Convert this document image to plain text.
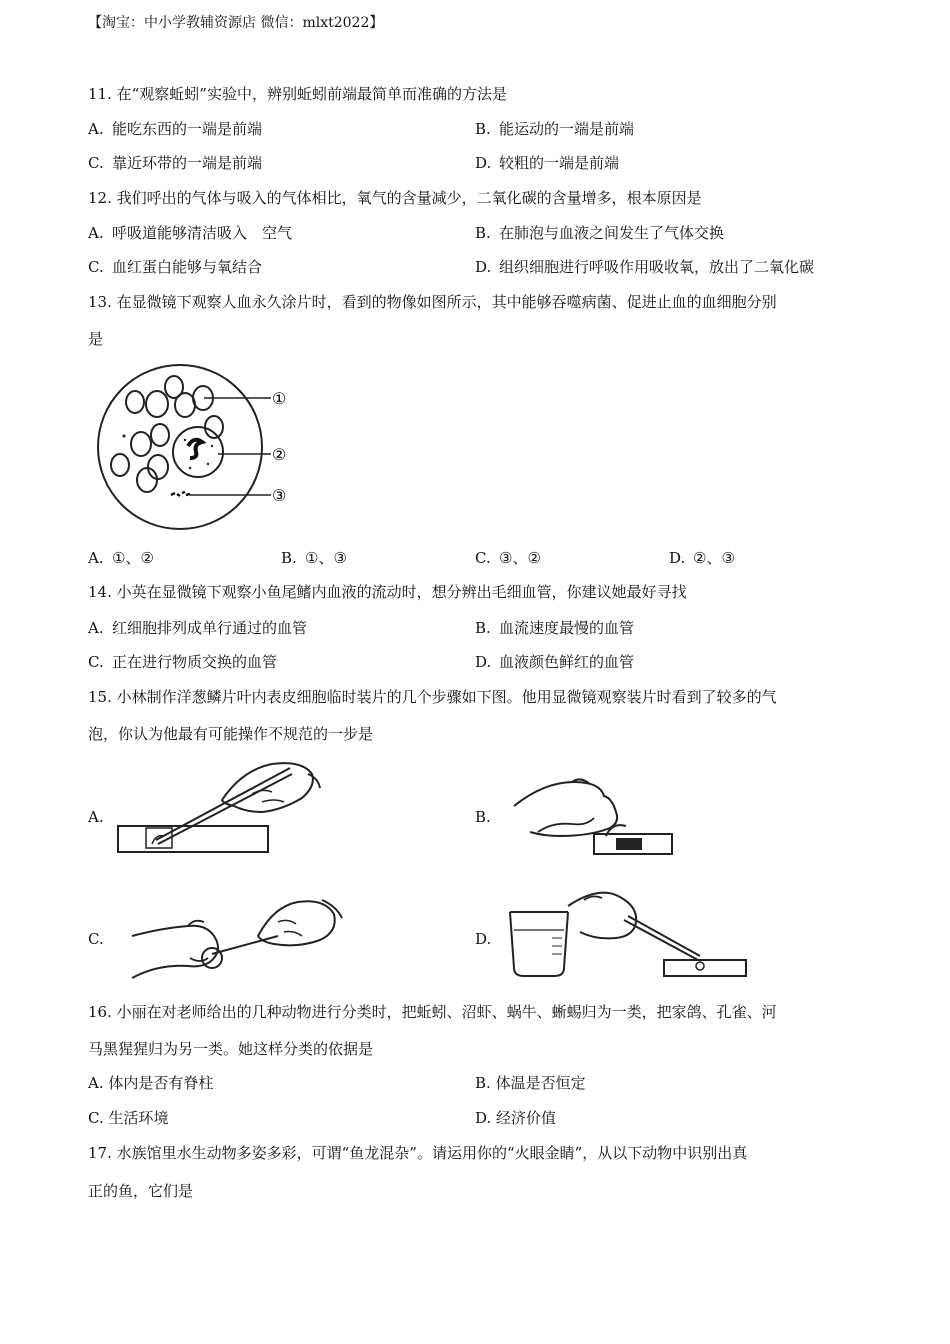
【淘宝：中小学教辅资源店 微信：mlxt2022】
11. 在“观察蚯蚓”实验中，辨别蚯蚓前端最简单而准确的方法是
A. 能吃东西的一端是前端	B. 能运动的一端是前端
C. 靠近环带的一端是前端	D. 较粗的一端是前端
12. 我们呼出的气体与吸入的气体相比，氧气的含量减少，二氧化碳的含量增多，根本原因是
A. 呼吸道能够清洁吸入　空气	B. 在肺泡与血液之间发生了气体交换
C. 血红蛋白能够与氧结合	D. 组织细胞进行呼吸作用吸收氧，放出了二氧化碳
13. 在显微镜下观察人血永久涂片时，看到的物像如图所示，其中能够吞噬病菌、促进止血的血细胞分别
是
①
②
③
A. ①、②	B. ①、③	C. ③、②	D. ②、③
14. 小英在显微镜下观察小鱼尾鳍内血液的流动时，想分辨出毛细血管，你建议她最好寻找
A. 红细胞排列成单行通过的血管	B. 血流速度最慢的血管
C. 正在进行物质交换的血管	D. 血液颜色鲜红的血管
15. 小林制作洋葱鳞片叶内表皮细胞临时装片的几个步骤如下图。他用显微镜观察装片时看到了较多的气
泡，你认为他最有可能操作不规范的一步是
A.	B.
C.	D.
16. 小丽在对老师给出的几种动物进行分类时，把蚯蚓、沼虾、蜗牛、蜥蜴归为一类，把家鸽、孔雀、河
马黑猩猩归为另一类。她这样分类的依据是
A. 体内是否有脊柱	B. 体温是否恒定
C. 生活环境	D. 经济价值
17. 水族馆里水生动物多姿多彩，可谓“鱼龙混杂”。请运用你的“火眼金睛”，从以下动物中识别出真
正的鱼，它们是
